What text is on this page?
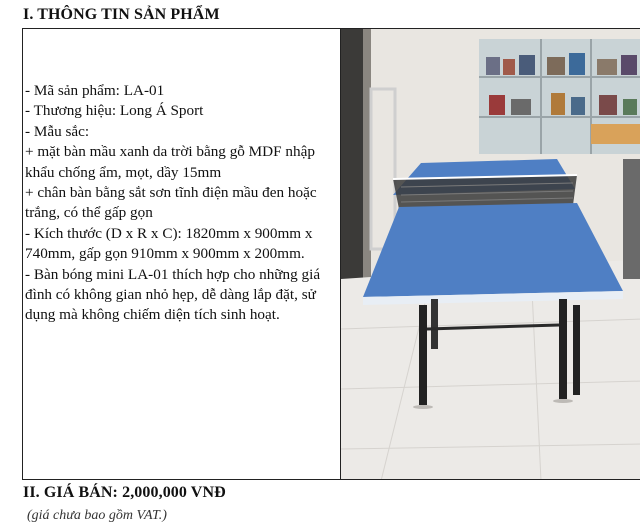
I. THÔNG TIN SẢN PHẨM
- Mã sản phẩm: LA-01
- Thương hiệu: Long Á Sport
- Mẫu sắc:
+ mặt bàn mầu xanh da trời bằng gỗ MDF nhập khẩu chống ẩm, mọt, dầy 15mm
+ chân bàn bằng sắt sơn tĩnh điện mầu đen hoặc trắng, có thể gấp gọn
- Kích thước (D x R x C): 1820mm x 900mm x 740mm, gấp gọn 910mm x 900mm x 200mm.
- Bàn bóng mini LA-01 thích hợp cho những giá đình có không gian nhỏ hẹp, dễ dàng lắp đặt, sử dụng mà không chiếm diện tích sinh hoạt.
II. GIÁ BÁN: 2,000,000 VNĐ
(giá chưa bao gồm VAT.)
